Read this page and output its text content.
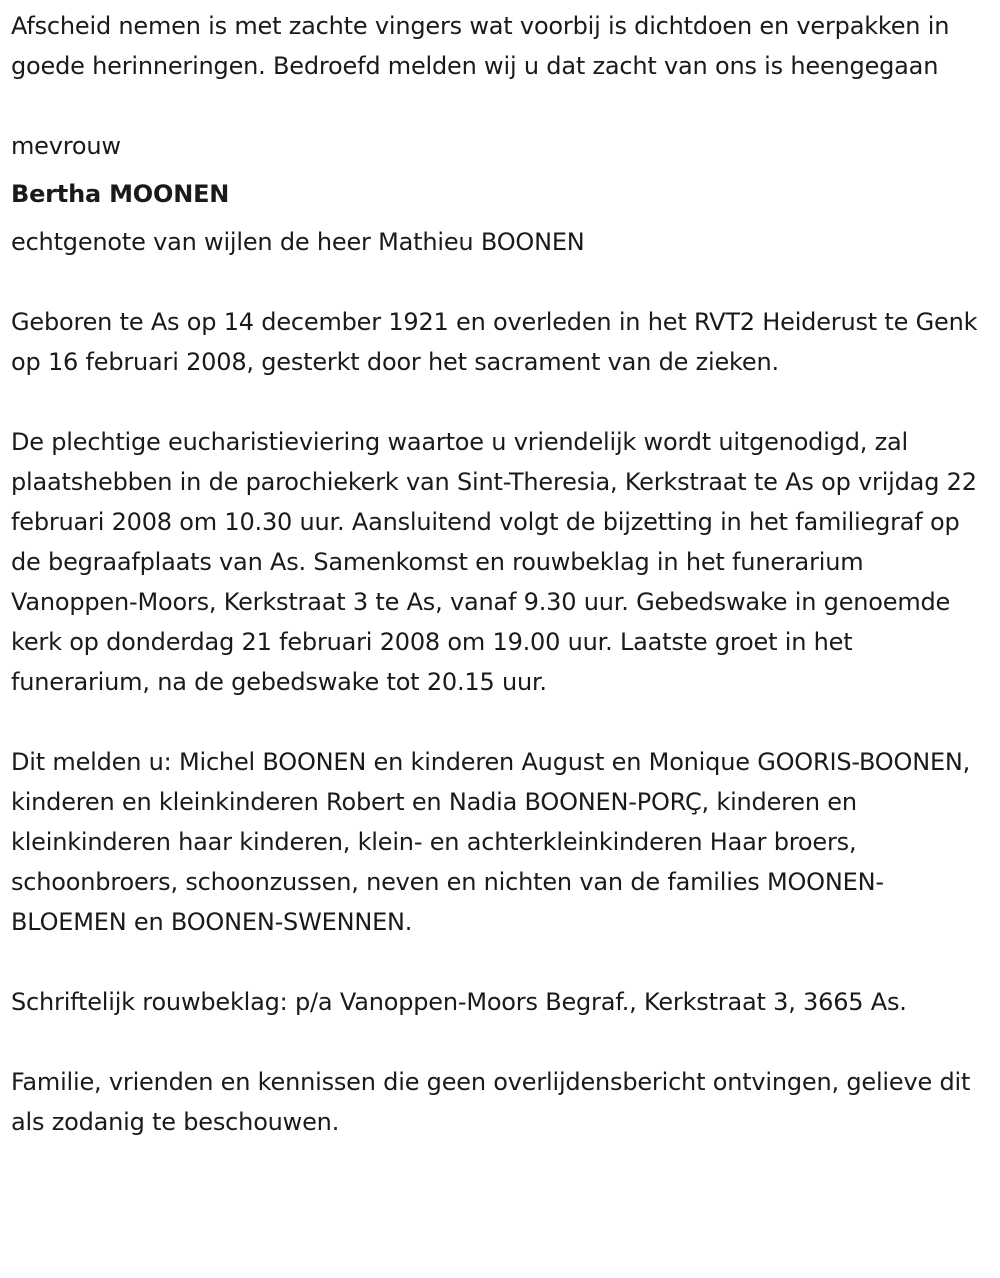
Afscheid nemen is met zachte vingers wat voorbij is dichtdoen en verpakken in goede herinneringen. Bedroefd melden wij u dat zacht van ons is heengegaan

mevrouw

Bertha MOONEN

echtgenote van wijlen de heer Mathieu BOONEN

Geboren te As op 14 december 1921 en overleden in het RVT2 Heiderust te Genk op 16 februari 2008, gesterkt door het sacrament van de zieken.

De plechtige eucharistieviering waartoe u vriendelijk wordt uitgenodigd, zal plaatshebben in de parochiekerk van Sint-Theresia, Kerkstraat te As op vrijdag 22 februari 2008 om 10.30 uur. Aansluitend volgt de bijzetting in het familiegraf op de begraafplaats van As. Samenkomst en rouwbeklag in het funerarium Vanoppen-Moors, Kerkstraat 3 te As, vanaf 9.30 uur. Gebedswake in genoemde kerk op donderdag 21 februari 2008 om 19.00 uur. Laatste groet in het funerarium, na de gebedswake tot 20.15 uur.

Dit melden u: Michel BOONEN en kinderen August en Monique GOORIS-BOONEN, kinderen en kleinkinderen Robert en Nadia BOONEN-PORÇ, kinderen en kleinkinderen haar kinderen, klein- en achterkleinkinderen Haar broers, schoonbroers, schoonzussen, neven en nichten van de families MOONEN-BLOEMEN en BOONEN-SWENNEN.

Schriftelijk rouwbeklag: p/a Vanoppen-Moors Begraf., Kerkstraat 3, 3665 As.

Familie, vrienden en kennissen die geen overlijdensbericht ontvingen, gelieve dit als zodanig te beschouwen.
